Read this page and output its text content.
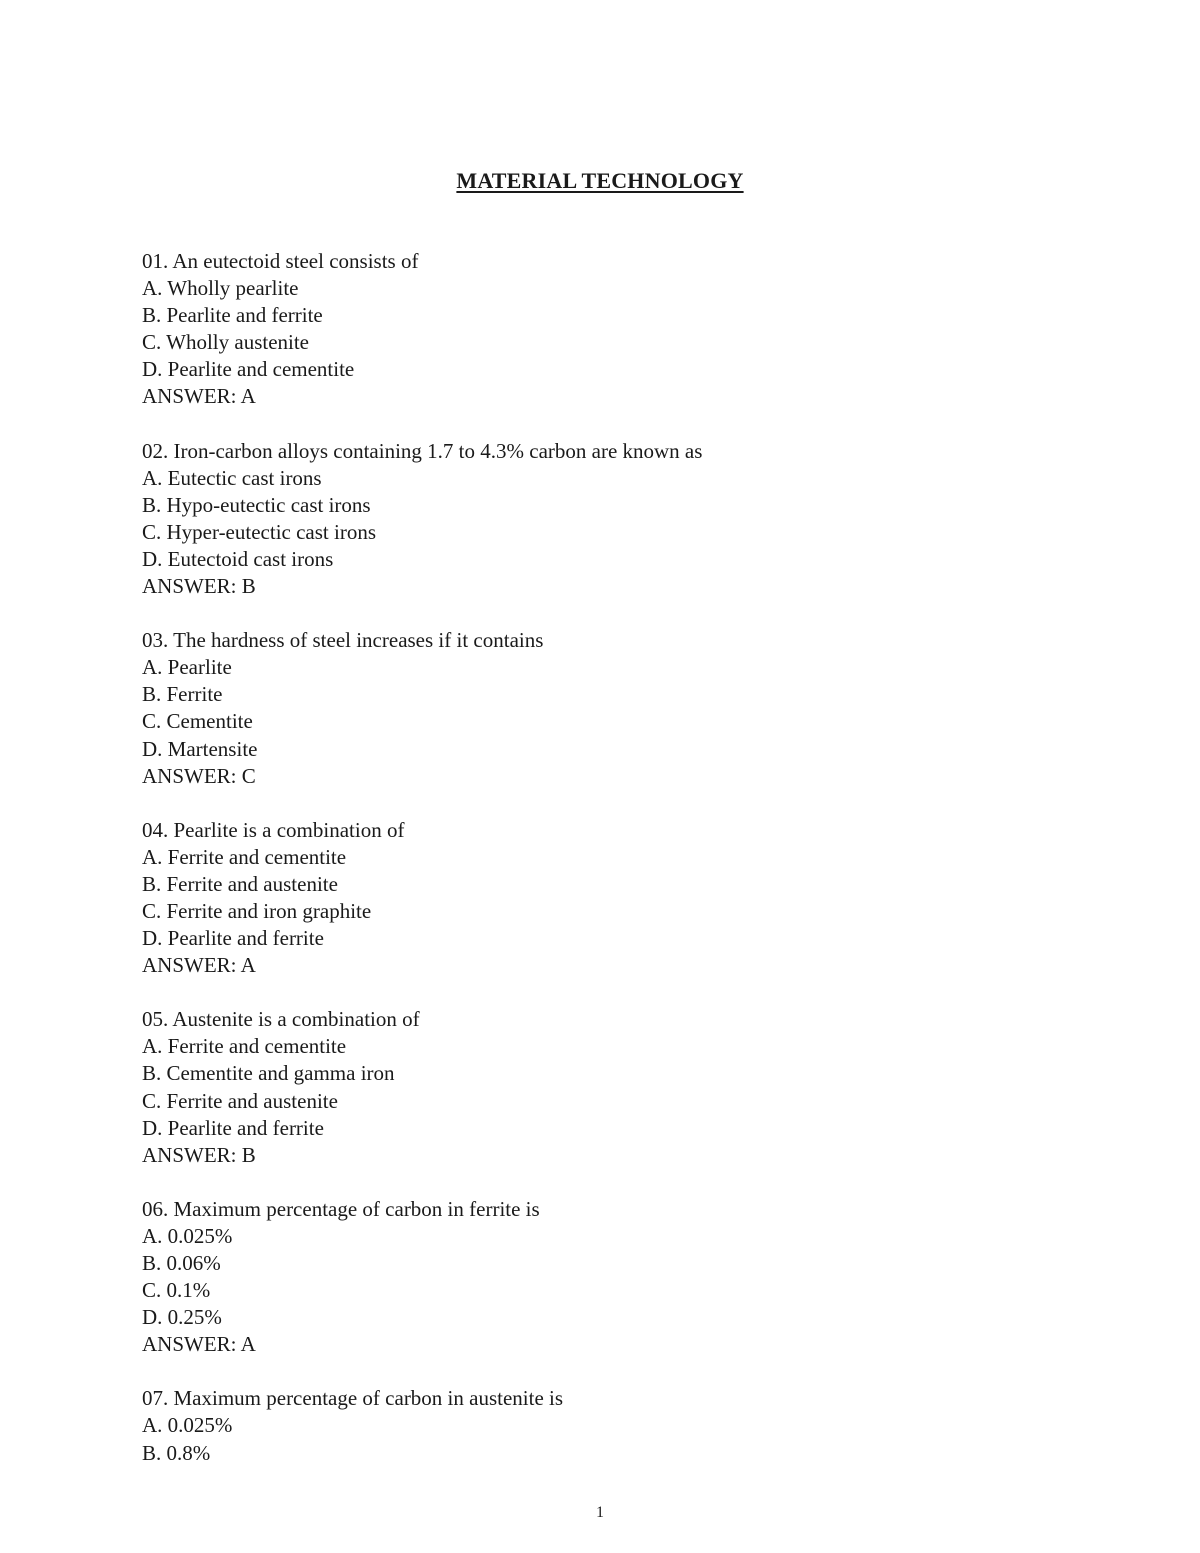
MATERIAL TECHNOLOGY
01. An eutectoid steel consists of
A. Wholly pearlite
B. Pearlite and ferrite
C. Wholly austenite
D. Pearlite and cementite
ANSWER: A
02. Iron-carbon alloys containing 1.7 to 4.3% carbon are known as
A. Eutectic cast irons
B. Hypo-eutectic cast irons
C. Hyper-eutectic cast irons
D. Eutectoid cast irons
ANSWER: B
03. The hardness of steel increases if it contains
A. Pearlite
B. Ferrite
C. Cementite
D. Martensite
ANSWER: C
04. Pearlite is a combination of
A. Ferrite and cementite
B. Ferrite and austenite
C. Ferrite and iron graphite
D. Pearlite and ferrite
ANSWER: A
05. Austenite is a combination of
A. Ferrite and cementite
B. Cementite and gamma iron
C. Ferrite and austenite
D. Pearlite and ferrite
ANSWER: B
06. Maximum percentage of carbon in ferrite is
A. 0.025%
B. 0.06%
C. 0.1%
D. 0.25%
ANSWER: A
07. Maximum percentage of carbon in austenite is
A. 0.025%
B. 0.8%
1
